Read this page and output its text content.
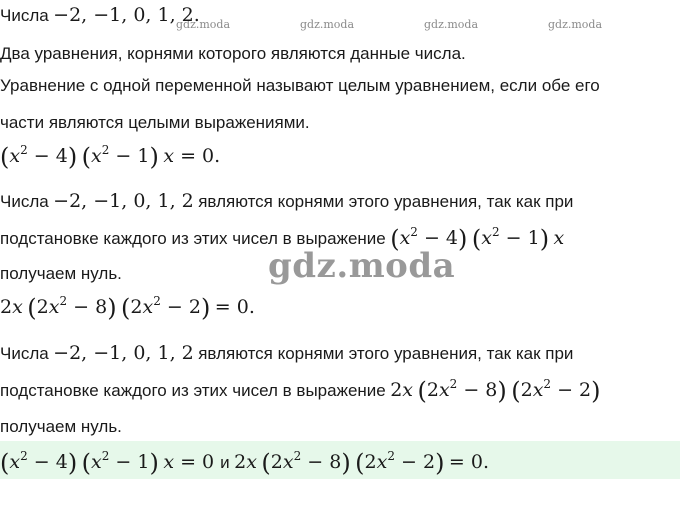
gdz.moda	gdz.moda	gdz.moda	gdz.moda
Числа −2, −1, 0, 1, 2.
Два уравнения, корнями которого являются данные числа.
Уравнение с одной переменной называют целым уравнением, если обе его
части являются целыми выражениями.
$(x^2 - 4) (x^2 - 1) x = 0$.
Числа −2, −1, 0, 1, 2 являются корнями этого уравнения, так как при
подстановке каждого из этих чисел в выражение $(x^2 - 4) (x^2 - 1)$ x
получаем нуль.	gdz.moda
2x $(2x^2 - 8) (2x^2 - 2) = 0$.
Числа −2, −1, 0, 1, 2 являются корнями этого уравнения, так как при
подстановке каждого из этих чисел в выражение 2x $(2x^2 - 8) (2x^2 - 2)$
получаем нуль.
$(x^2 - 4) (x^2 - 1) x = 0$ и 2x $(2x^2 - 8) (2x^2 - 2) = 0$.
